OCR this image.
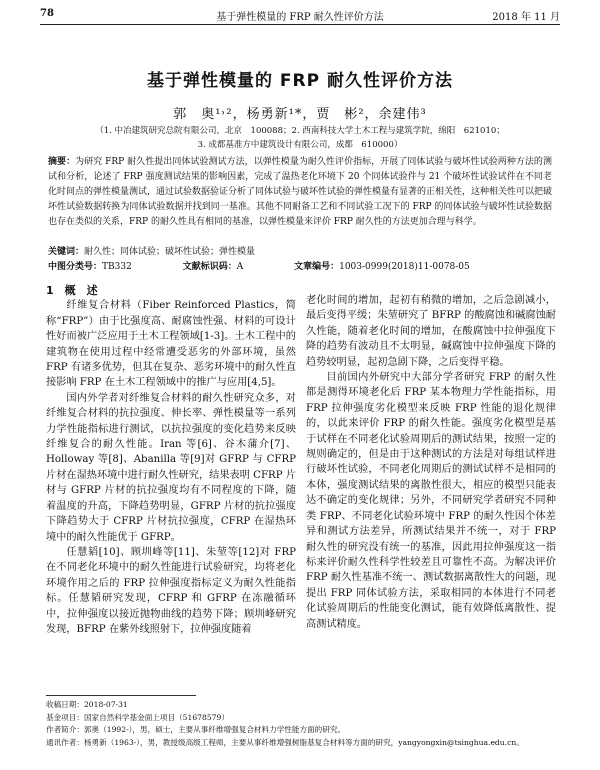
78	基于弹性模量的 FRP 耐久性评价方法	2018 年 11 月
基于弹性模量的 FRP 耐久性评价方法
郭　奥¹˒²，杨勇新¹*，贾　彬²，余建伟³
（1. 中冶建筑研究总院有限公司，北京　100088；2. 西南科技大学土木工程与建筑学院，绵阳　621010；
3. 成都基准方中建筑设计有限公司，成都　610000）
摘要：为研究 FRP 耐久性提出同体试验测试方法，以弹性模量为耐久性评价指标，开展了同体试验与破坏性试验两种方法的测试和分析，论述了 FRP 强度测试结果的影响因素，完成了温热老化环境下 20 个同体试验件与 21 个破坏性试验试件在不同老化时间点的弹性模量测试，通过试验数据验证分析了同体试验与破坏性试验的弹性模量有显著的正相关性，这种相关性可以把破坏性试验数据转换为同体试验数据并找到同一基准。其他不同耐备工艺和不同试验工况下的 FRP 的同体试验与破坏性试验数据也存在类似的关系，FRP 的耐久性具有相同的基准，以弹性模量来评价 FRP 耐久性的方法更加合理与科学。
关键词：耐久性；同体试验；破坏性试验；弹性模量
中图分类号：TB332	文献标识码：A	文章编号：1003-0999(2018)11-0078-05

1　概　述

纤维复合材料（Fiber Reinforced Plastics，简称“FRP”）由于比强度高、耐腐蚀性强、材料的可设计性好而被广泛应用于土木工程领域[1-3]。土木工程中的建筑物在使用过程中经常遭受恶劣的外部环境，虽然 FRP 有诸多优势，但其在复杂、恶劣环境中的耐久性直接影响 FRP 在土木工程领域中的推广与应用[4,5]。

国内外学者对纤维复合材料的耐久性研究众多，对纤维复合材料的抗拉强度、伸长率、弹性模量等一系列力学性能指标进行测试，以抗拉强度的变化趋势来反映纤维复合的耐久性能。Iran 等[6]、谷木蒲介[7]、Holloway 等[8]、Abanilla 等[9]对 GFRP 与 CFRP 片材在湿热环境中进行耐久性研究，结果表明 CFRP 片材与 GFRP 片材的抗拉强度均有不同程度的下降，随着温度的升高，下降趋势明显，GFRP 片材的抗拉强度下降趋势大于 CFRP 片材抗拉强度，CFRP 在湿热环境中的耐久性能优于 GFRP。

任慧韬[10]、顾圳峰等[11]、朱堃等[12]对 FRP 在不同老化环境中的耐久性能进行试验研究，均将老化环境作用之后的 FRP 拉伸强度指标定义为耐久性能指标。任慧韬研究发现，CFRP 和 GFRP 在冻融循环中，拉伸强度以接近抛物曲线的趋势下降；顾圳峰研究发现，BFRP 在紫外线照射下，拉伸强度随着

老化时间的增加，起初有稍微的增加，之后急剧减小，最后变得平缓；朱堃研究了 BFRP 的酸腐蚀和碱腐蚀耐久性能，随着老化时间的增加，在酸腐蚀中拉伸强度下降的趋势有波动且不太明显，碱腐蚀中拉伸强度下降的趋势较明显，起初急剧下降，之后变得平稳。

目前国内外研究中大部分学者研究 FRP 的耐久性都是测得环境老化后 FRP 某本物理力学性能指标，用 FRP 拉伸强度劣化模型来反映 FRP 性能的退化规律的，以此来评价 FRP 的耐久性能。强度劣化模型是基于试样在不同老化试验周期后的测试结果，按照一定的规则确定的，但是由于这种测试的方法是对每组试样进行破坏性试验，不同老化周期后的测试试样不是相同的本体，强度测试结果的离散性很大，相应的模型只能表达不确定的变化规律；另外，不同研究学者研究不同种类 FRP、不同老化试验环境中 FRP 的耐久性因个体差异和测试方法差异，所测试结果并不统一，对于 FRP 耐久性的研究没有统一的基准，因此用拉伸强度这一指标来评价耐久性科学性较差且可靠性不高。为解决评价 FRP 耐久性基准不统一、测试数据离散性大的问题，现提出 FRP 同体试验方法，采取相同的本体进行不同老化试验周期后的性能变化测试，能有效降低离散性、提高测试精度。

收稿日期：2018-07-31
基金项目：国家自然科学基金面上项目（51678579）
作者简介：郭奥（1992-），男，硕士，主要从事纤维增强复合材料力学性能方面的研究。
通讯作者：杨勇新（1963-），男，教授级高级工程师，主要从事纤维增强树脂基复合材料等方面的研究，yangyongxin@tsinghua.edu.cn。
